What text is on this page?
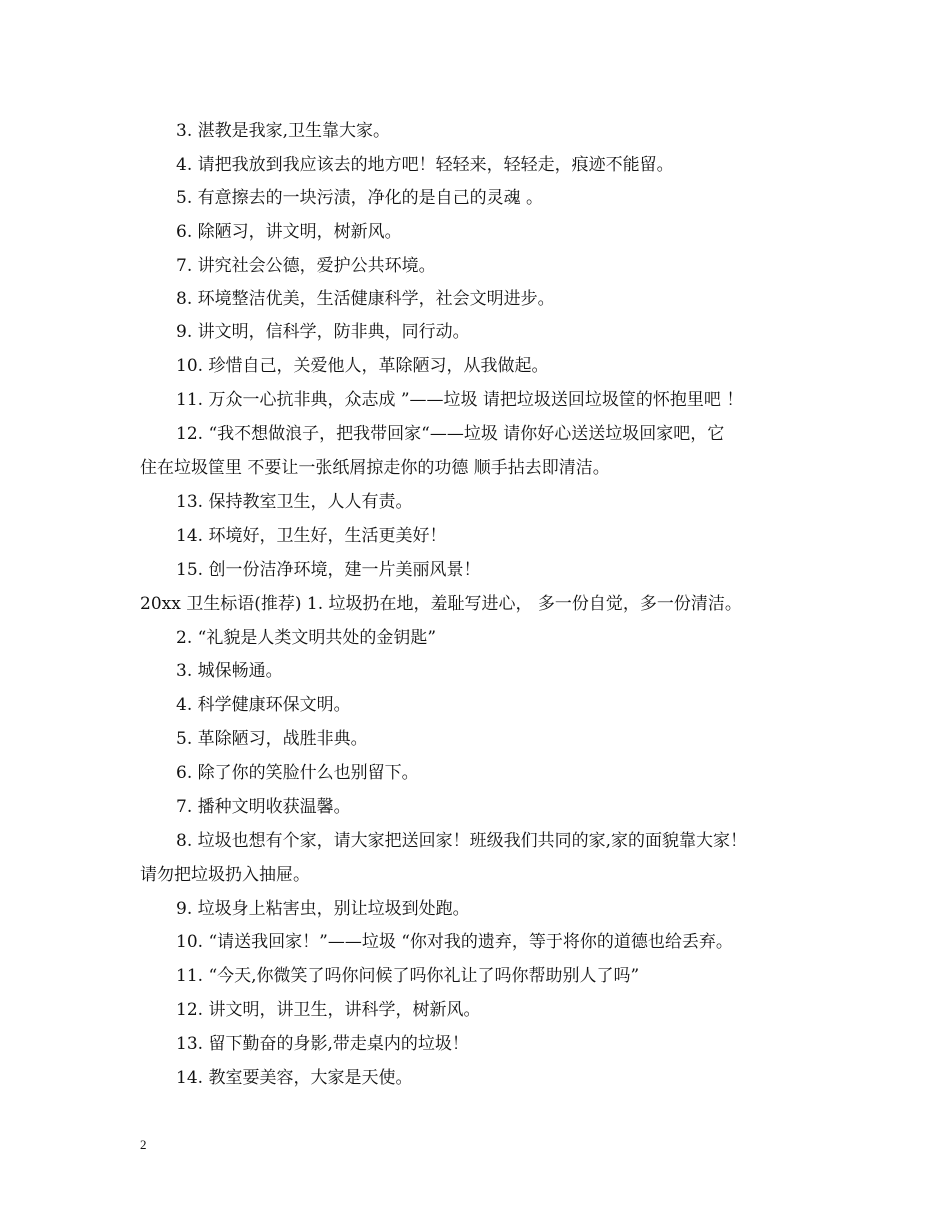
3. 湛教是我家,卫生靠大家。
4. 请把我放到我应该去的地方吧！轻轻来，轻轻走，痕迹不能留。
5. 有意擦去的一块污渍，净化的是自己的灵魂 。
6. 除陋习，讲文明，树新风。
7. 讲究社会公德，爱护公共环境。
8. 环境整洁优美，生活健康科学，社会文明进步。
9. 讲文明，信科学，防非典，同行动。
10. 珍惜自己，关爱他人，革除陋习，从我做起。
11. 万众一心抗非典，众志成 ”——垃圾 请把垃圾送回垃圾筐的怀抱里吧 ！
12. “我不想做浪子，把我带回家“——垃圾 请你好心送送垃圾回家吧，它
住在垃圾筐里 不要让一张纸屑掠走你的功德 顺手拈去即清洁。
13. 保持教室卫生，人人有责。
14. 环境好，卫生好，生活更美好！
15. 创一份洁净环境，建一片美丽风景！
20xx 卫生标语(推荐) 1. 垃圾扔在地，羞耻写进心， 多一份自觉，多一份清洁。
2. “礼貌是人类文明共处的金钥匙”
3. 城保畅通。
4. 科学健康环保文明。
5. 革除陋习，战胜非典。
6. 除了你的笑脸什么也别留下。
7. 播种文明收获温馨。
8. 垃圾也想有个家，请大家把送回家！班级我们共同的家,家的面貌靠大家！
请勿把垃圾扔入抽屉。
9. 垃圾身上粘害虫，别让垃圾到处跑。
10. “请送我回家！”——垃圾 “你对我的遗弃，等于将你的道德也给丢弃。
11. “今天,你微笑了吗你问候了吗你礼让了吗你帮助别人了吗”
12. 讲文明，讲卫生，讲科学，树新风。
13. 留下勤奋的身影,带走桌内的垃圾！
14. 教室要美容，大家是天使。
2
